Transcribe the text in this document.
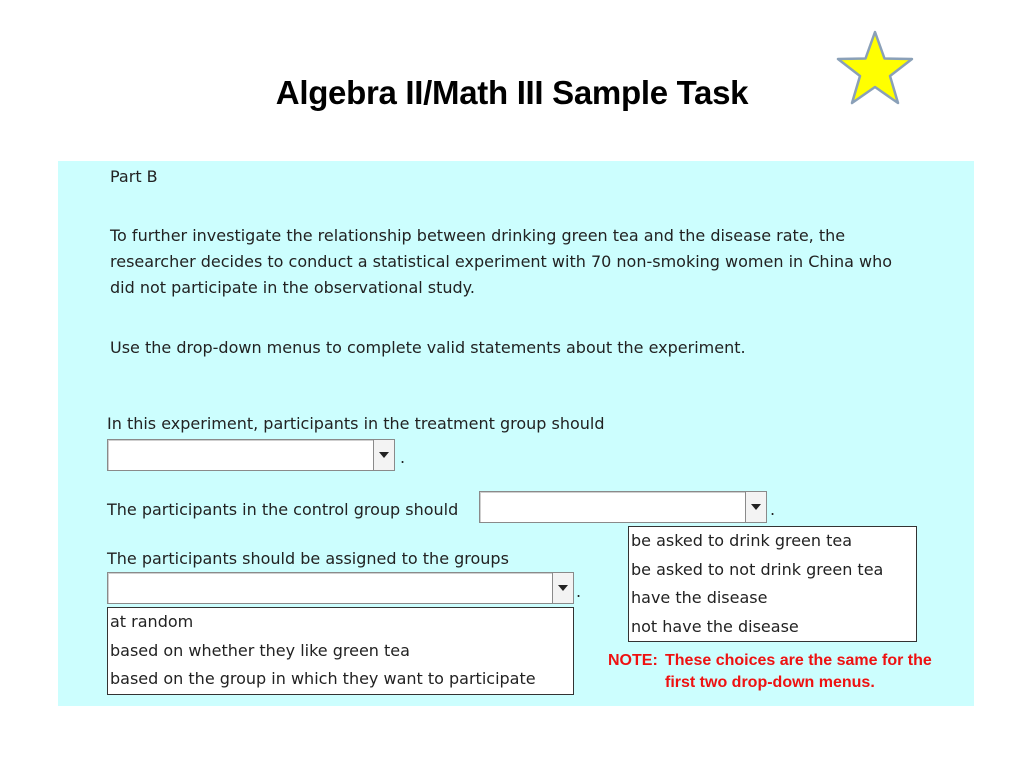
Algebra II/Math III Sample Task
Part B
To further investigate the relationship between drinking green tea and the disease rate, the researcher decides to conduct a statistical experiment with 70 non-smoking women in China who did not participate in the observational study.
Use the drop-down menus to complete valid statements about the experiment.
In this experiment, participants in the treatment group should
.
The participants in the control group should	.
be asked to drink green tea
be asked to not drink green tea
have the disease
not have the disease
The participants should be assigned to the groups
.
at random
based on whether they like green tea
based on the group in which they want to participate
NOTE: These choices are the same for the first two drop-down menus.
